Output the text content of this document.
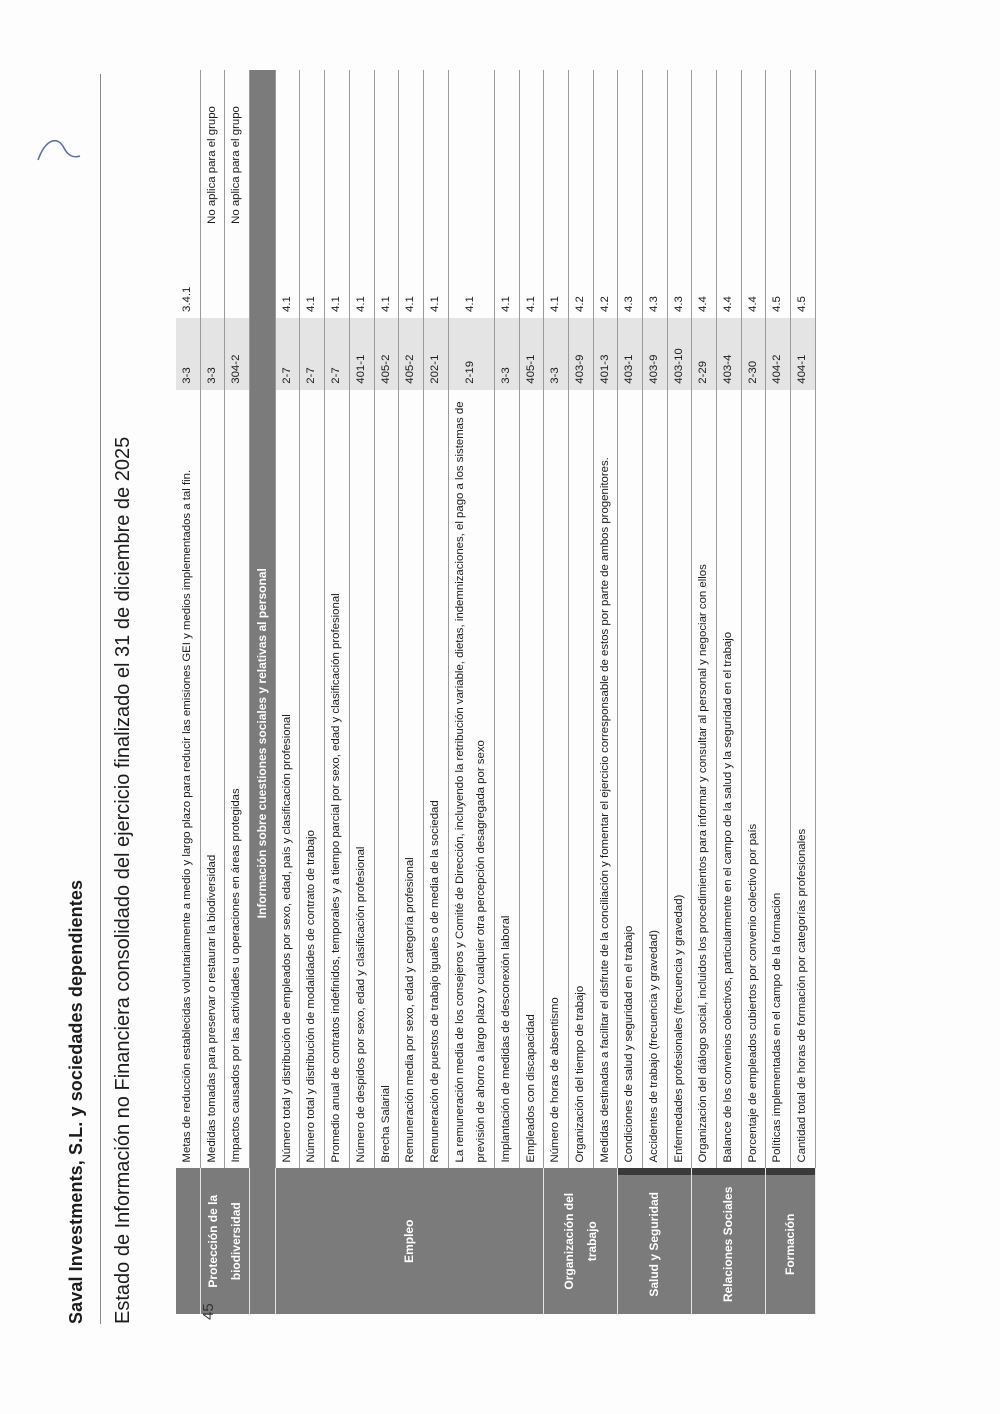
Saval Investments, S.L. y sociedades dependientes Estado de Información no Financiera consolidado del ejercicio finalizado el 31 de diciembre de 2025
		Metas de reducción establecidas voluntariamente a medio y largo plazo para reducir las emisiones GEI y medios implementados a tal fin.	3-3	3.4.1	
Protección de la biodiversidad		Medidas tomadas para preservar o restaurar la biodiversidad	3-3		No aplica para el grupo
		Impactos causados por las actividades u operaciones en áreas protegidas	304-2		No aplica para el grupo
		Información sobre cuestiones sociales y relativas al personal			
Empleo		Número total y distribución de empleados por sexo, edad, país y clasificación profesional	2-7	4.1	
		Número total y distribución de modalidades de contrato de trabajo	2-7	4.1	
		Promedio anual de contratos indefinidos, temporales y a tiempo parcial por sexo, edad y clasificación profesional	2-7	4.1	
		Número de despidos por sexo, edad y clasificación profesional	401-1	4.1	
		Brecha Salarial	405-2	4.1	
		Remuneración media por sexo, edad y categoría profesional	405-2	4.1	
		Remuneración de puestos de trabajo iguales o de media de la sociedad	202-1	4.1	
		La remuneración media de los consejeros y Comité de Dirección, incluyendo la retribución variable, dietas, indemnizaciones, el pago a los sistemas de previsión de ahorro a largo plazo y cualquier otra percepción desagregada por sexo	2-19	4.1	
		Implantación de medidas de desconexión laboral	3-3	4.1	
		Empleados con discapacidad	405-1	4.1	
Organización del trabajo		Número de horas de absentismo	3-3	4.1	
		Organización del tiempo de trabajo	403-9	4.2	
		Medidas destinadas a facilitar el disfrute de la conciliación y fomentar el ejercicio corresponsable de estos por parte de ambos progenitores.	401-3	4.2	
Salud y Seguridad		Condiciones de salud y seguridad en el trabajo	403-1	4.3	
		Accidentes de trabajo (frecuencia y gravedad)	403-9	4.3	
		Enfermedades profesionales (frecuencia y gravedad)	403-10	4.3	
Relaciones Sociales		Organización del diálogo social, incluidos los procedimientos para informar y consultar al personal y negociar con ellos	2-29	4.4	
		Balance de los convenios colectivos, particularmente en el campo de la salud y la seguridad en el trabajo	403-4	4.4	
		Porcentaje de empleados cubiertos por convenio colectivo por país	2-30	4.4	
Formación		Políticas implementadas en el campo de la formación	404-2	4.5	
		Cantidad total de horas de formación por categorías profesionales	404-1	4.5	
45
